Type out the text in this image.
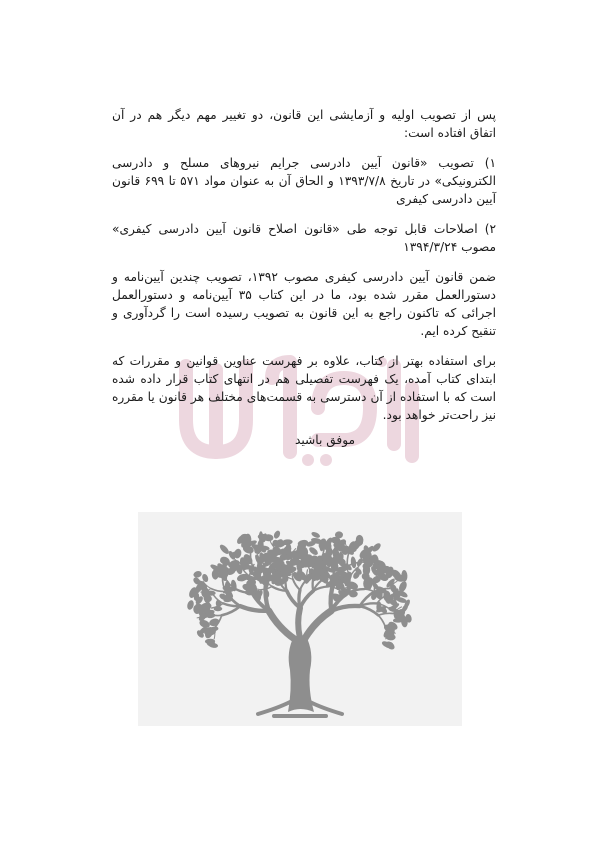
پس از تصویب اولیه و آزمایشی این قانون، دو تغییر مهم دیگر هم در آن اتفاق افتاده است:

۱) تصویب «قانون آیین دادرسی جرایم نیروهای مسلح و دادرسی الکترونیکی» در تاریخ ۱۳۹۳/۷/۸ و الحاق آن به عنوان مواد ۵۷۱ تا ۶۹۹ قانون آیین دادرسی کیفری

۲) اصلاحات قابل توجه طی «قانون اصلاح قانون آیین دادرسی کیفری» مصوب ۱۳۹۴/۳/۲۴

ضمن قانون آیین دادرسی کیفری مصوب ۱۳۹۲، تصویب چندین آیین‌نامه و دستورالعمل مقرر شده بود، ما در این کتاب ۳۵ آیین‌نامه و دستورالعمل اجرائی که تاکنون راجع به این قانون به تصویب رسیده است را گردآوری و تنقیح کرده ایم.

برای استفاده بهتر از کتاب، علاوه بر فهرست عناوین قوانین و مقررات که ابتدای کتاب آمده، یک فهرست تفصیلی هم در انتهای کتاب قرار داده شده است که با استفاده از آن دسترسی به قسمت‌های مختلف هر قانون یا مقرره نیز راحت‌تر خواهد بود.

موفق باشید
